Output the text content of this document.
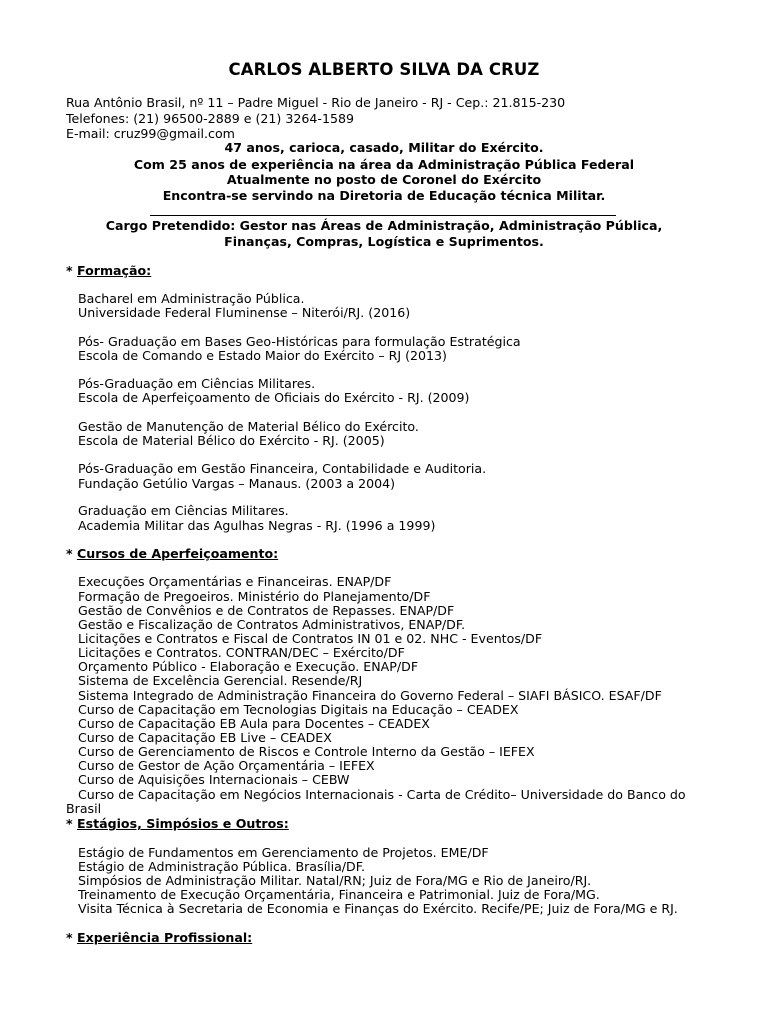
CARLOS ALBERTO SILVA DA CRUZ
Rua Antônio Brasil, nº 11 – Padre Miguel - Rio de Janeiro - RJ - Cep.: 21.815-230
Telefones: (21) 96500-2889 e (21) 3264-1589
E-mail: cruz99@gmail.com
47 anos, carioca, casado, Militar do Exército.
Com 25 anos de experiência na área da Administração Pública Federal
Atualmente no posto de Coronel do Exército
Encontra-se servindo na Diretoria de Educação técnica Militar.
Cargo Pretendido: Gestor nas Áreas de Administração, Administração Pública,
Finanças, Compras, Logística e Suprimentos.
* Formação:
Bacharel em Administração Pública.
Universidade Federal Fluminense – Niterói/RJ. (2016)
Pós- Graduação em Bases Geo-Históricas para formulação Estratégica
Escola de Comando e Estado Maior do Exército – RJ (2013)
Pós-Graduação em Ciências Militares.
Escola de Aperfeiçoamento de Oficiais do Exército - RJ. (2009)
Gestão de Manutenção de Material Bélico do Exército.
Escola de Material Bélico do Exército - RJ. (2005)
Pós-Graduação em Gestão Financeira, Contabilidade e Auditoria.
Fundação Getúlio Vargas – Manaus. (2003 a 2004)
Graduação em Ciências Militares.
Academia Militar das Agulhas Negras - RJ. (1996 a 1999)
* Cursos de Aperfeiçoamento:
Execuções Orçamentárias e Financeiras. ENAP/DF
Formação de Pregoeiros. Ministério do Planejamento/DF
Gestão de Convênios e de Contratos de Repasses. ENAP/DF
Gestão e Fiscalização de Contratos Administrativos, ENAP/DF.
Licitações e Contratos e Fiscal de Contratos IN 01 e 02. NHC - Eventos/DF
Licitações e Contratos. CONTRAN/DEC – Exército/DF
Orçamento Público - Elaboração e Execução. ENAP/DF
Sistema de Excelência Gerencial. Resende/RJ
Sistema Integrado de Administração Financeira do Governo Federal – SIAFI BÁSICO. ESAF/DF
Curso de Capacitação em Tecnologias Digitais na Educação – CEADEX
Curso de Capacitação EB Aula para Docentes – CEADEX
Curso de Capacitação EB Live – CEADEX
Curso de Gerenciamento de Riscos e Controle Interno da Gestão – IEFEX
Curso de Gestor de Ação Orçamentária – IEFEX
Curso de Aquisições Internacionais – CEBW
Curso de Capacitação em Negócios Internacionais - Carta de Crédito– Universidade do Banco do
Brasil
* Estágios, Simpósios e Outros:
Estágio de Fundamentos em Gerenciamento de Projetos. EME/DF
Estágio de Administração Pública. Brasília/DF.
Simpósios de Administração Militar. Natal/RN; Juiz de Fora/MG e Rio de Janeiro/RJ.
Treinamento de Execução Orçamentária, Financeira e Patrimonial. Juiz de Fora/MG.
Visita Técnica à Secretaria de Economia e Finanças do Exército. Recife/PE; Juiz de Fora/MG e RJ.
* Experiência Profissional:
